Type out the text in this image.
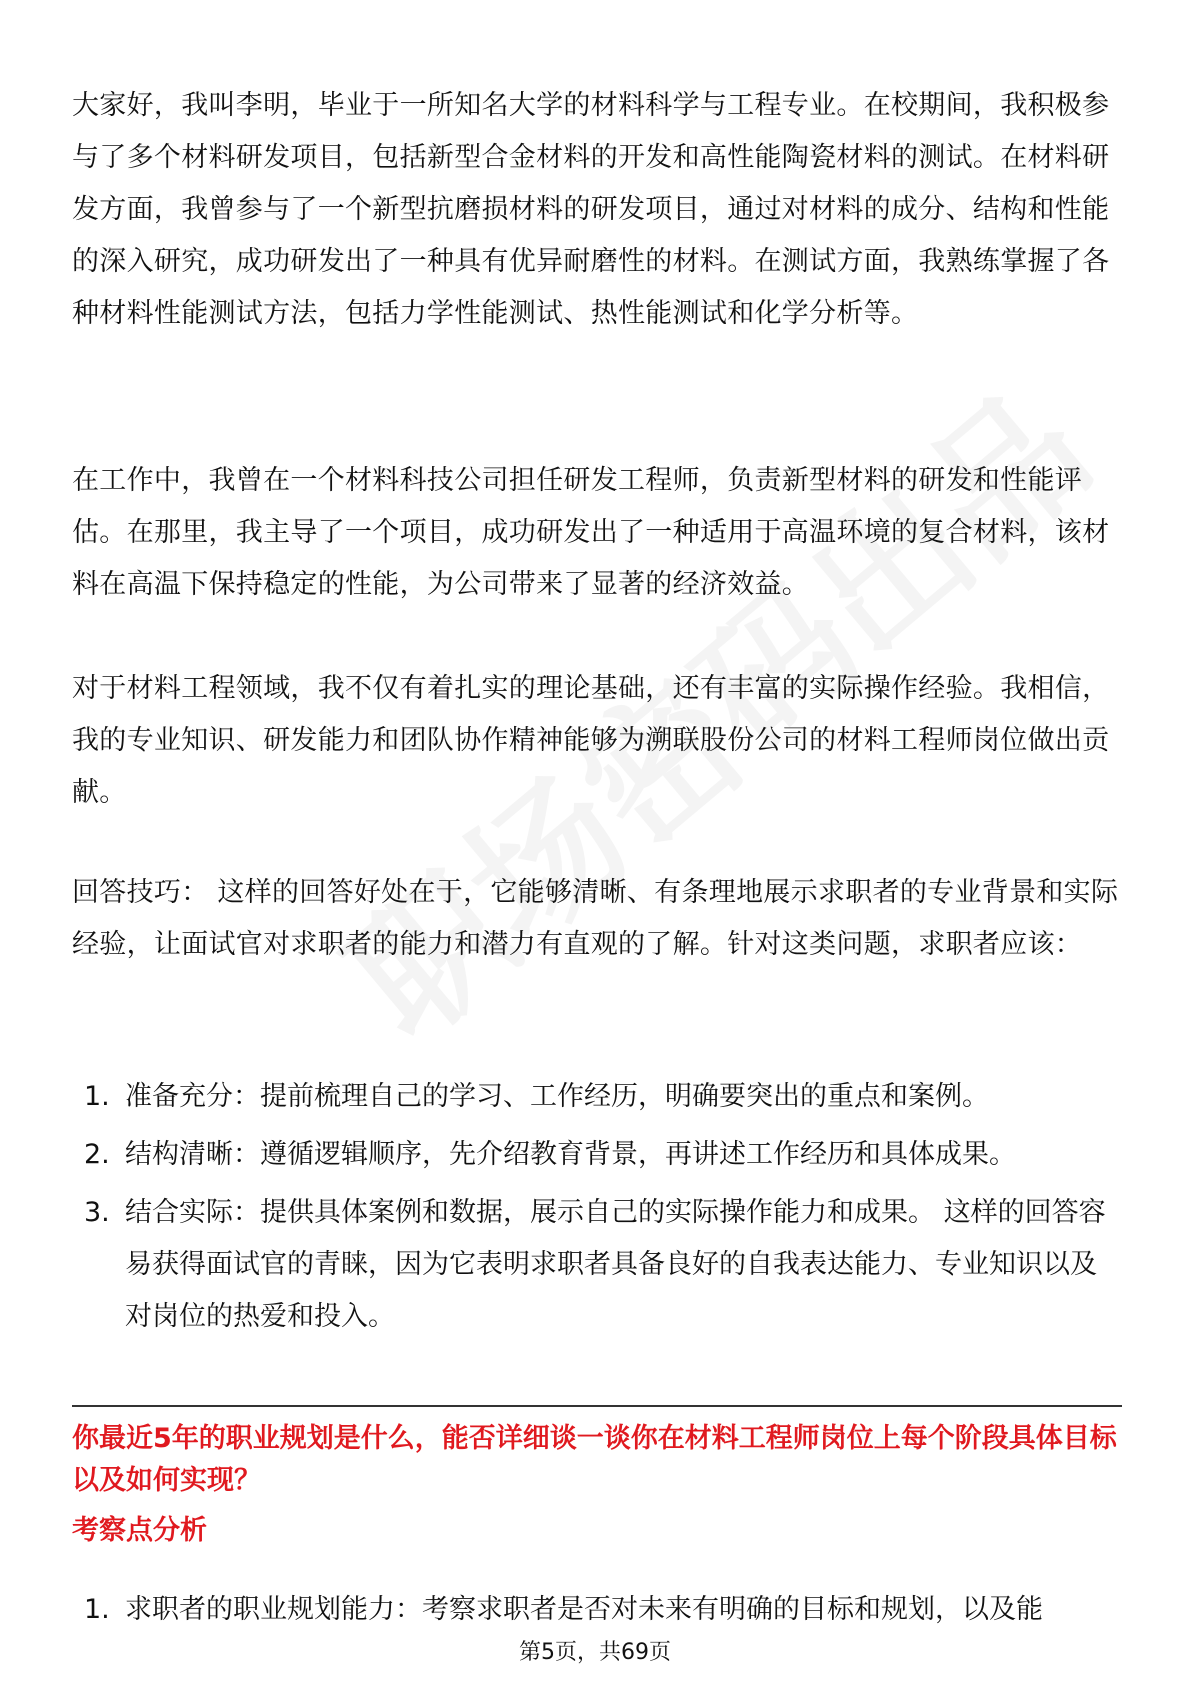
大家好，我叫李明，毕业于一所知名大学的材料科学与工程专业。在校期间，我积极参与了多个材料研发项目，包括新型合金材料的开发和高性能陶瓷材料的测试。在材料研发方面，我曾参与了一个新型抗磨损材料的研发项目，通过对材料的成分、结构和性能的深入研究，成功研发出了一种具有优异耐磨性的材料。在测试方面，我熟练掌握了各种材料性能测试方法，包括力学性能测试、热性能测试和化学分析等。

在工作中，我曾在一个材料科技公司担任研发工程师，负责新型材料的研发和性能评估。在那里，我主导了一个项目，成功研发出了一种适用于高温环境的复合材料，该材料在高温下保持稳定的性能，为公司带来了显著的经济效益。

对于材料工程领域，我不仅有着扎实的理论基础，还有丰富的实际操作经验。我相信，我的专业知识、研发能力和团队协作精神能够为溯联股份公司的材料工程师岗位做出贡献。

回答技巧： 这样的回答好处在于，它能够清晰、有条理地展示求职者的专业背景和实际经验，让面试官对求职者的能力和潜力有直观的了解。针对这类问题，求职者应该：

1. 准备充分：提前梳理自己的学习、工作经历，明确要突出的重点和案例。
2. 结构清晰：遵循逻辑顺序，先介绍教育背景，再讲述工作经历和具体成果。
3. 结合实际：提供具体案例和数据，展示自己的实际操作能力和成果。 这样的回答容易获得面试官的青睐，因为它表明求职者具备良好的自我表达能力、专业知识以及对岗位的热爱和投入。

你最近5年的职业规划是什么，能否详细谈一谈你在材料工程师岗位上每个阶段具体目标以及如何实现？

考察点分析

1. 求职者的职业规划能力：考察求职者是否对未来有明确的目标和规划，以及能
第5页，共69页
